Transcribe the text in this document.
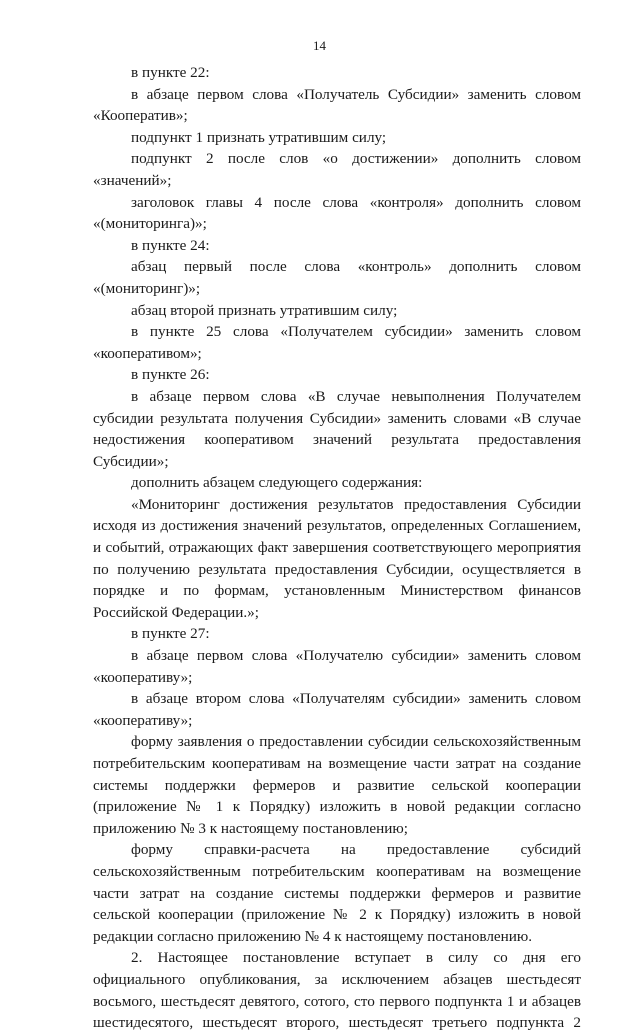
14
в пункте 22:
в абзаце первом слова «Получатель Субсидии» заменить словом
«Кооператив»;
подпункт 1 признать утратившим силу;
подпункт 2 после слов «о достижении» дополнить словом
«значений»;
заголовок главы 4 после слова «контроля» дополнить словом
«(мониторинга)»;
в пункте 24:
абзац первый после слова «контроль» дополнить словом
«(мониторинг)»;
абзац второй признать утратившим силу;
в пункте 25 слова «Получателем субсидии» заменить словом
«кооперативом»;
в пункте 26:
в абзаце первом слова «В случае невыполнения Получателем
субсидии результата получения Субсидии» заменить словами «В случае
недостижения кооперативом значений результата предоставления
Субсидии»;
дополнить абзацем следующего содержания:
«Мониторинг достижения результатов предоставления Субсидии
исходя из достижения значений результатов, определенных Соглашением,
и событий, отражающих факт завершения соответствующего мероприятия
по получению результата предоставления Субсидии, осуществляется в
порядке и по формам, установленным Министерством финансов
Российской Федерации.»;
в пункте 27:
в абзаце первом слова «Получателю субсидии» заменить словом
«кооперативу»;
в абзаце втором слова «Получателям субсидии» заменить словом
«кооперативу»;
форму заявления о предоставлении субсидии сельскохозяйственным
потребительским кооперативам на возмещение части затрат на создание
системы поддержки фермеров и развитие сельской кооперации
(приложение № 1 к Порядку) изложить в новой редакции согласно
приложению № 3 к настоящему постановлению;
форму справки-расчета на предоставление субсидий
сельскохозяйственным потребительским кооперативам на возмещение
части затрат на создание системы поддержки фермеров и развитие
сельской кооперации (приложение № 2 к Порядку) изложить в новой
редакции согласно приложению № 4 к настоящему постановлению.
2. Настоящее постановление вступает в силу со дня его
официального опубликования, за исключением абзацев шестьдесят
восьмого, шестьдесят девятого, сотого, сто первого подпункта 1 и абзацев
шестидесятого, шестьдесят второго, шестьдесят третьего подпункта 2
